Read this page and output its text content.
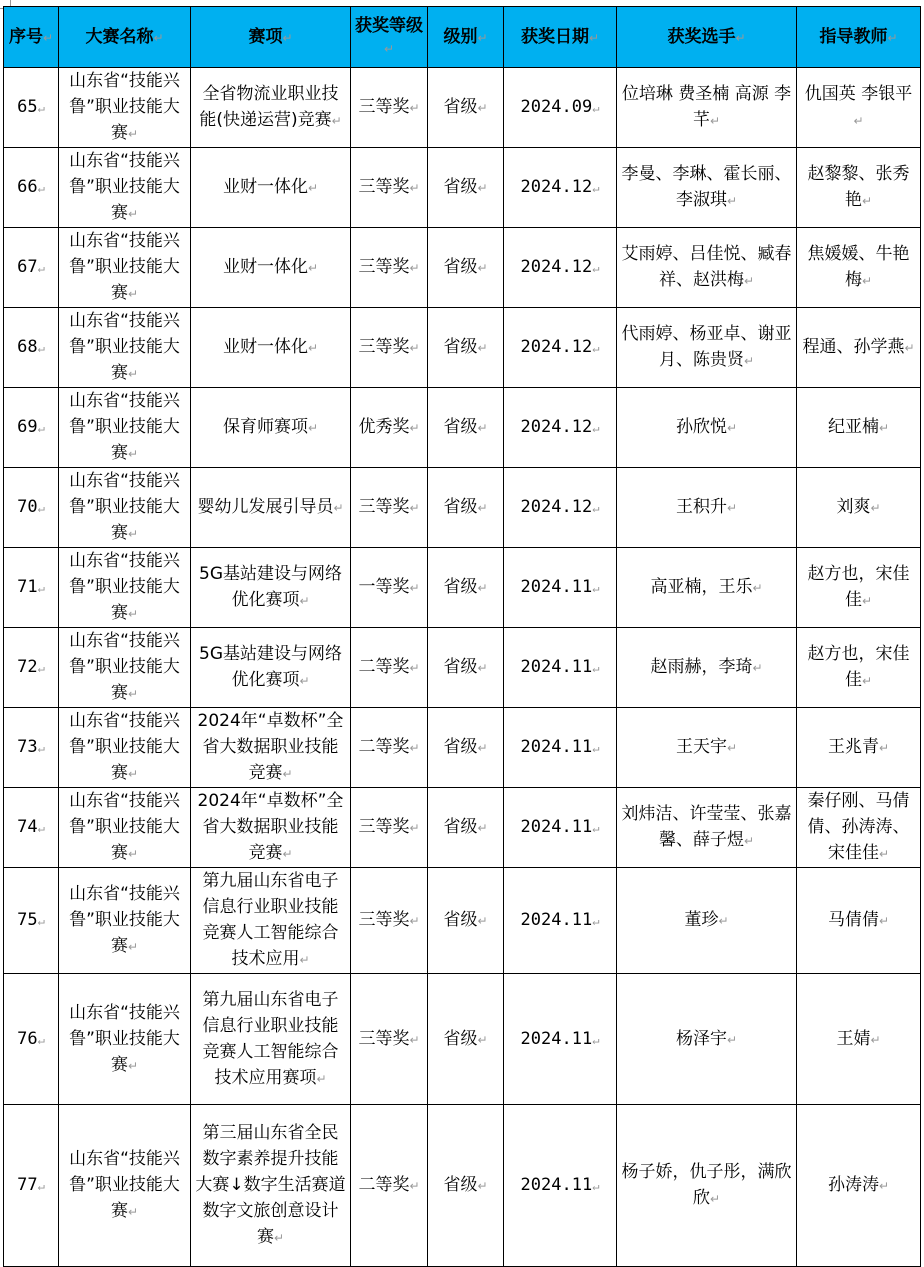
序号↵	大赛名称↵	赛项↵	获奖等级↵	级别↵	获奖日期↵	获奖选手↵	指导教师↵
65↵	山东省“技能兴鲁”职业技能大赛↵	全省物流业职业技能(快递运营)竞赛↵	三等奖↵	省级↵	2024.09↵	位培琳 费圣楠 高源 李芊↵	仇国英 李银平↵
66↵	山东省“技能兴鲁”职业技能大赛↵	业财一体化↵	三等奖↵	省级↵	2024.12↵	李曼、李琳、霍长丽、李淑琪↵	赵黎黎、张秀艳↵
67↵	山东省“技能兴鲁”职业技能大赛↵	业财一体化↵	三等奖↵	省级↵	2024.12↵	艾雨婷、吕佳悦、臧春祥、赵洪梅↵	焦媛媛、牛艳梅↵
68↵	山东省“技能兴鲁”职业技能大赛↵	业财一体化↵	三等奖↵	省级↵	2024.12↵	代雨婷、杨亚卓、谢亚月、陈贵贤↵	程通、孙学燕↵
69↵	山东省“技能兴鲁”职业技能大赛↵	保育师赛项↵	优秀奖↵	省级↵	2024.12↵	孙欣悦↵	纪亚楠↵
70↵	山东省“技能兴鲁”职业技能大赛↵	婴幼儿发展引导员↵	三等奖↵	省级↵	2024.12↵	王积升↵	刘爽↵
71↵	山东省“技能兴鲁”职业技能大赛↵	5G基站建设与网络优化赛项↵	一等奖↵	省级↵	2024.11↵	高亚楠，王乐↵	赵方也，宋佳佳↵
72↵	山东省“技能兴鲁”职业技能大赛↵	5G基站建设与网络优化赛项↵	二等奖↵	省级↵	2024.11↵	赵雨赫，李琦↵	赵方也，宋佳佳↵
73↵	山东省“技能兴鲁”职业技能大赛↵	2024年“卓数杯”全省大数据职业技能竞赛↵	二等奖↵	省级↵	2024.11↵	王天宇↵	王兆青↵
74↵	山东省“技能兴鲁”职业技能大赛↵	2024年“卓数杯”全省大数据职业技能竞赛↵	三等奖↵	省级↵	2024.11↵	刘炜洁、许莹莹、张嘉馨、薛子煜↵	秦仔刚、马倩倩、孙涛涛、宋佳佳↵
75↵	山东省“技能兴鲁”职业技能大赛↵	第九届山东省电子信息行业职业技能竞赛人工智能综合技术应用↵	三等奖↵	省级↵	2024.11↵	董珍↵	马倩倩↵
76↵	山东省“技能兴鲁”职业技能大赛↵	第九届山东省电子信息行业职业技能竞赛人工智能综合技术应用赛项↵	三等奖↵	省级↵	2024.11↵	杨泽宇↵	王婧↵
77↵	山东省“技能兴鲁”职业技能大赛↵	第三届山东省全民数字素养提升技能大赛↓数字生活赛道数字文旅创意设计赛↵	二等奖↵	省级↵	2024.11↵	杨子娇，仇子彤，满欣欣↵	孙涛涛↵
